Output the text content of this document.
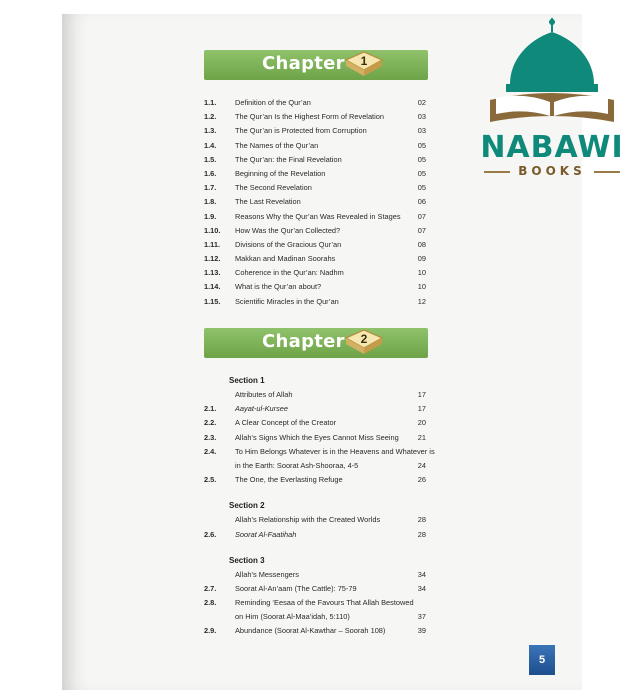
Chapter	1
1.1.	Definition of the Qur’an	02
1.2.	The Qur’an Is the Highest Form of Revelation	03
1.3.	The Qur’an is Protected from Corruption	03
1.4.	The Names of the Qur’an	05
1.5.	The Qur’an: the Final Revelation	05
1.6.	Beginning of the Revelation	05
1.7.	The Second Revelation	05
1.8.	The Last Revelation	06
1.9.	Reasons Why the Qur’an Was Revealed in Stages 07
1.10. How Was the Qur’an Collected?	07
1.11. Divisions of the Gracious Qur’an	08
1.12. Makkan and Madinan Soorahs	09
1.13. Coherence in the Qur’an: Nadhm	10
1.14. What is the Qur’an about?	10
1.15. Scientific Miracles in the Qur’an	12
Chapter	2
Section 1
Attributes of Allah	17
2.1.	Aayat-ul-Kursee	17
2.2.	A Clear Concept of the Creator	20
2.3.	Allah’s Signs Which the Eyes Cannot Miss Seeing	21
2.4.	To Him Belongs Whatever is in the Heavens and Whatever is
in the Earth: Soorat Ash-Shooraa, 4-5	24
2.5.	The One, the Everlasting Refuge	26
Section 2
Allah’s Relationship with the Created Worlds	28
2.6.	Soorat Al-Faatihah	28
Section 3
Allah’s Messengers	34
2.7.	Soorat Al-An’aam (The Cattle): 75-79	34
2.8.	Reminding ‘Eesaa of the Favours That Allah Bestowed
on Him (Soorat Al-Maa’idah, 5:110)	37
2.9.	Abundance (Soorat Al-Kawthar – Soorah 108)	39
5
NABAWI
BOOKS
